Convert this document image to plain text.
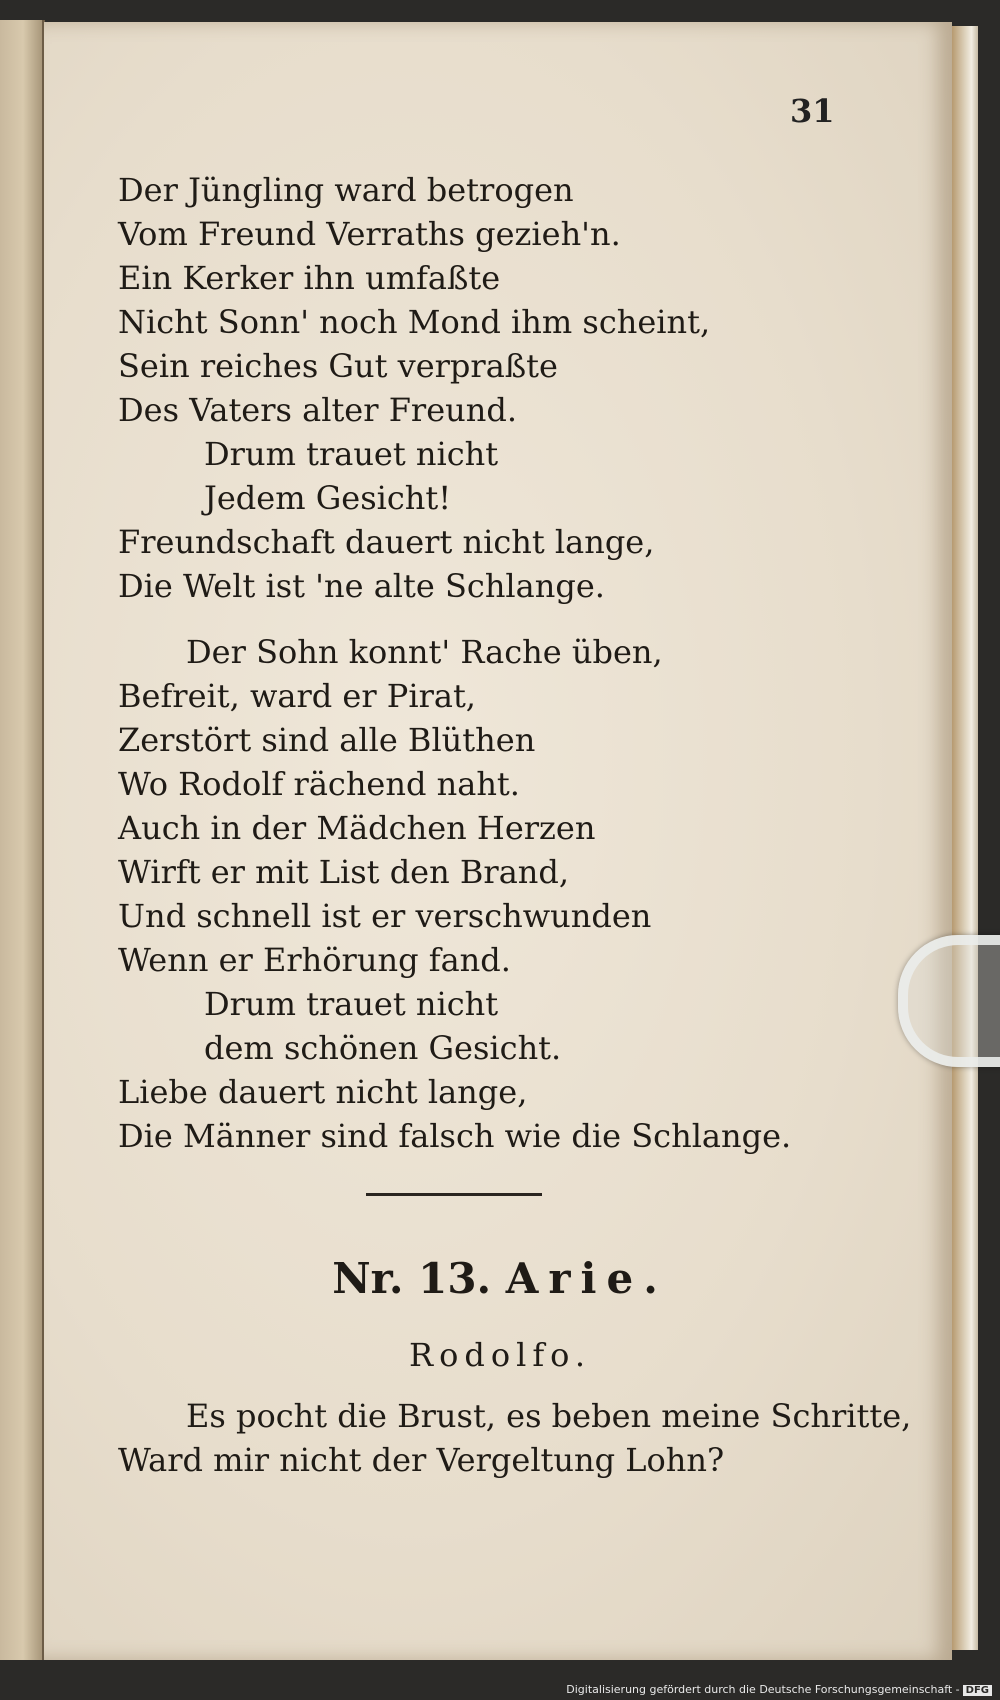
31
Der Jüngling ward betrogen
Vom Freund Verraths gezieh'n.
Ein Kerker ihn umfaßte
Nicht Sonn' noch Mond ihm scheint,
Sein reiches Gut verpraßte
Des Vaters alter Freund.
Drum trauet nicht
Jedem Gesicht!
Freundschaft dauert nicht lange,
Die Welt ist 'ne alte Schlange.
Der Sohn konnt' Rache üben,
Befreit, ward er Pirat,
Zerstört sind alle Blüthen
Wo Rodolf rächend naht.
Auch in der Mädchen Herzen
Wirft er mit List den Brand,
Und schnell ist er verschwunden
Wenn er Erhörung fand.
Drum trauet nicht
dem schönen Gesicht.
Liebe dauert nicht lange,
Die Männer sind falsch wie die Schlange.
Nr. 13. Arie.
Rodolfo.
Es pocht die Brust, es beben meine Schritte,
Ward mir nicht der Vergeltung Lohn?
Digitalisierung gefördert durch die Deutsche Forschungsgemeinschaft - DFG
